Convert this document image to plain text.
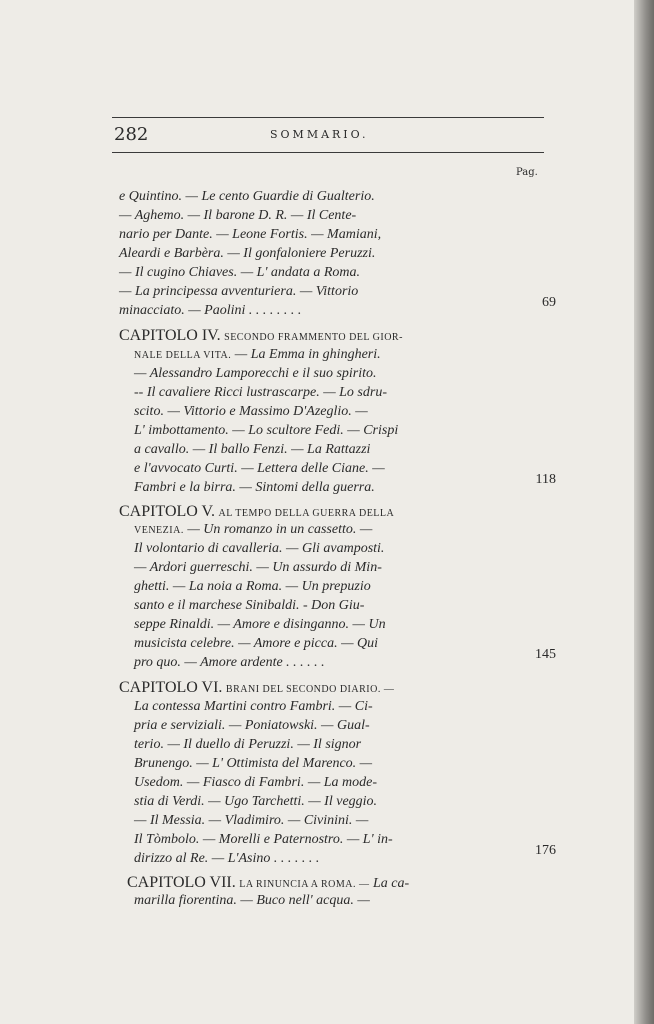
282	SOMMARIO.
Pag.
e Quintino. — Le cento Guardie di Gualterio.
— Aghemo. — Il barone D. R. — Il Cente-
nario per Dante. — Leone Fortis. — Mamiani,
Aleardi e Barbèra. — Il gonfaloniere Peruzzi.
— Il cugino Chiaves. — L' andata a Roma.
— La principessa avventuriera. — Vittorio
minacciato. — Paolini . . . . . . . .
69
CAPITOLO IV. SECONDO FRAMMENTO DEL GIOR-
NALE DELLA VITA. — La Emma in ghingheri.
— Alessandro Lamporecchi e il suo spirito.
-- Il cavaliere Ricci lustrascarpe. — Lo sdru-
scito. — Vittorio e Massimo D'Azeglio. —
L' imbottamento. — Lo scultore Fedi. — Crispi
a cavallo. — Il ballo Fenzi. — La Rattazzi
e l'avvocato Curti. — Lettera delle Ciane. —
Fambri e la birra. — Sintomi della guerra.
118
CAPITOLO V. AL TEMPO DELLA GUERRA DELLA
VENEZIA. — Un romanzo in un cassetto. —
Il volontario di cavalleria. — Gli avamposti.
— Ardori guerreschi. — Un assurdo di Min-
ghetti. — La noia a Roma. — Un prepuzio
santo e il marchese Sinibaldi. - Don Giu-
seppe Rinaldi. — Amore e disinganno. — Un
musicista celebre. — Amore e picca. — Qui
pro quo. — Amore ardente . . . . . .
145
CAPITOLO VI. BRANI DEL SECONDO DIARIO. —
La contessa Martini contro Fambri. — Ci-
pria e serviziali. — Poniatowski. — Gual-
terio. — Il duello di Peruzzi. — Il signor
Brunengo. — L' Ottimista del Marenco. —
Usedom. — Fiasco di Fambri. — La mode-
stia di Verdi. — Ugo Tarchetti. — Il veggio.
— Il Messia. — Vladimiro. — Civinini. —
Il Tòmbolo. — Morelli e Paternostro. — L' in-
dirizzo al Re. — L'Asino . . . . . . .
176
CAPITOLO VII. LA RINUNCIA A ROMA. — La ca-
marilla fiorentina. — Buco nell' acqua. —
